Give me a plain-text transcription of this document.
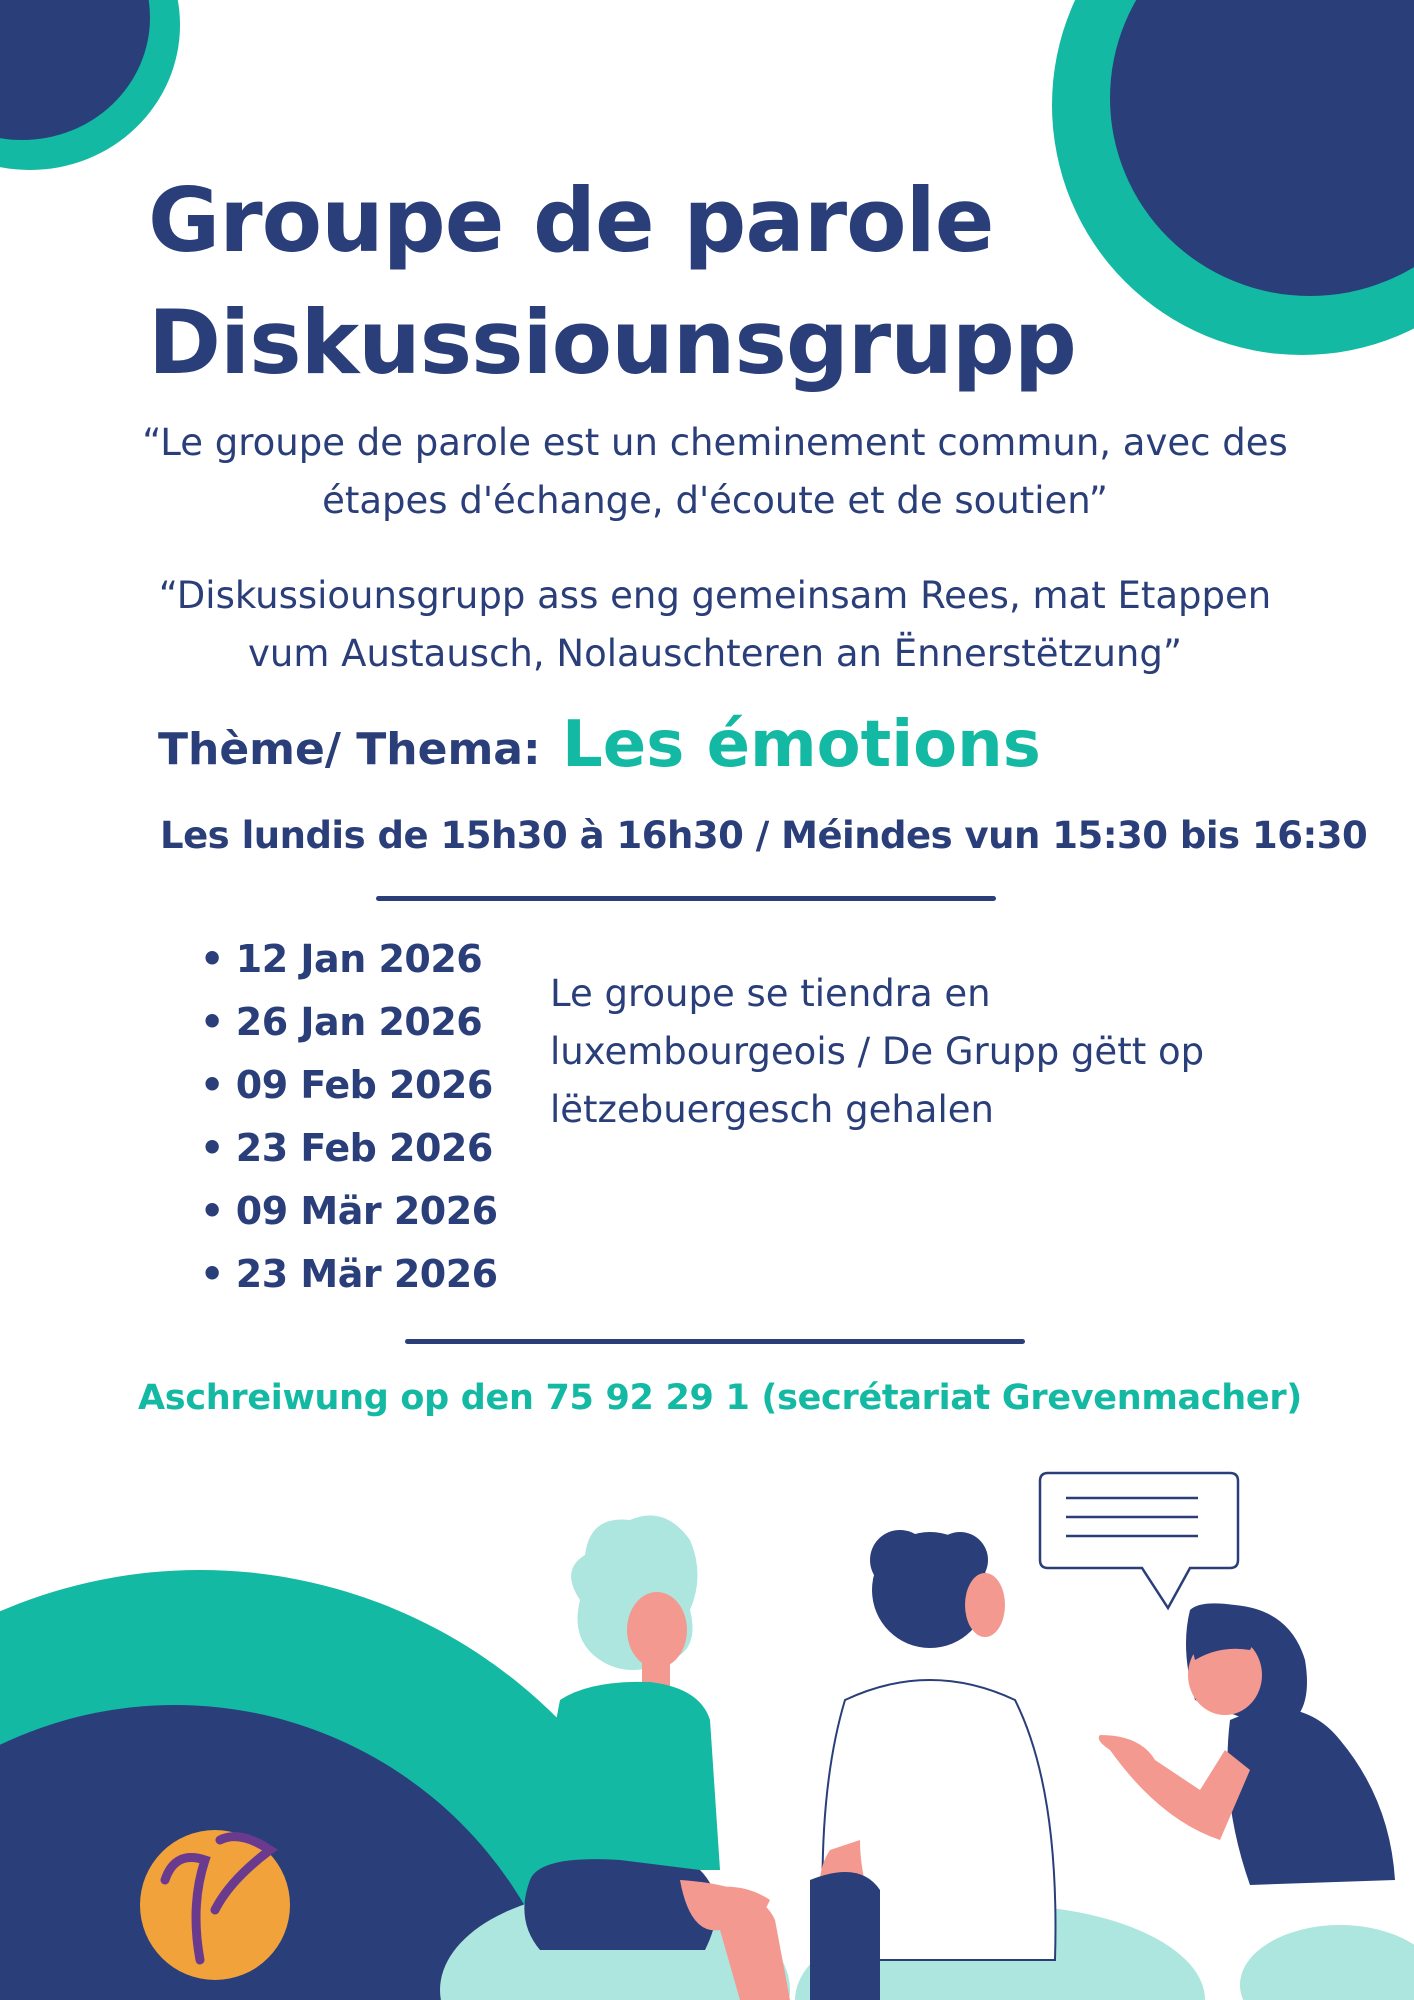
Groupe de parole
Diskussiounsgrupp

“Le groupe de parole est un cheminement commun, avec des étapes d'échange, d'écoute et de soutien”

“Diskussiounsgrupp ass eng gemeinsam Rees, mat Etappen vum Austausch, Nolauschteren an Ënnerstëtzung”

Thème/ Thema: Les émotions

Les lundis de 15h30 à 16h30 / Méindes vun 15:30 bis 16:30

• 12 Jan 2026
• 26 Jan 2026
• 09 Feb 2026
• 23 Feb 2026
• 09 Mär 2026
• 23 Mär 2026

Le groupe se tiendra en luxembourgeois / De Grupp gëtt op lëtzebuergesch gehalen

Aschreiwung op den 75 92 29 1 (secrétariat Grevenmacher)
